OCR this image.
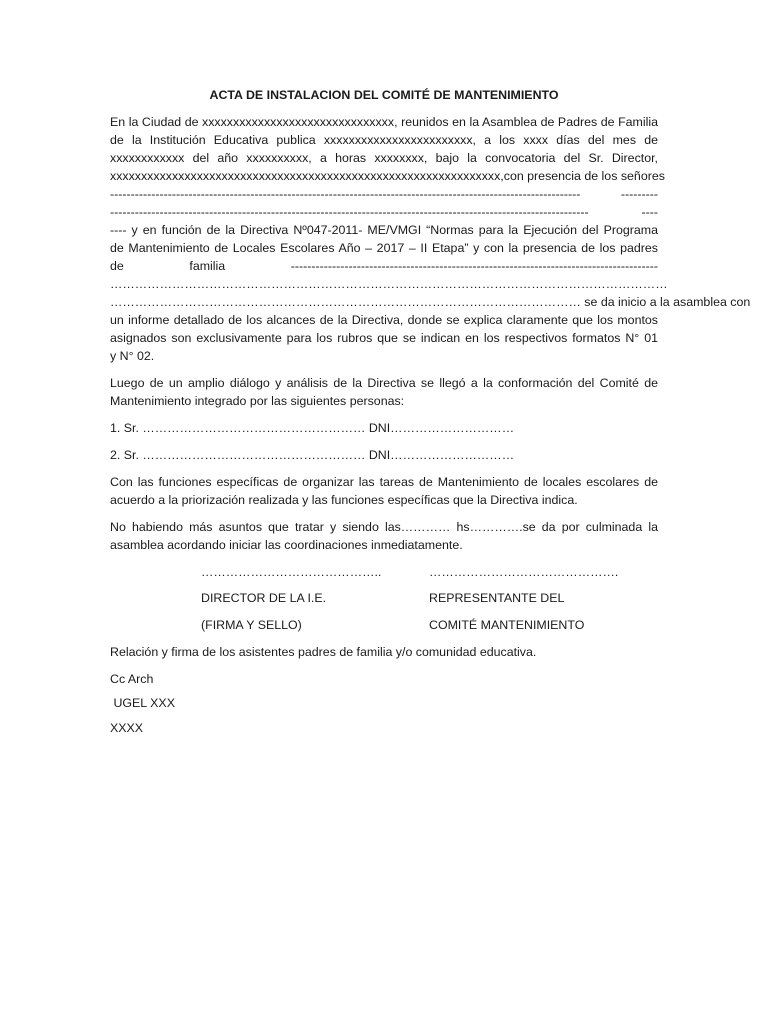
ACTA DE INSTALACION DEL COMITÉ DE MANTENIMIENTO
En la Ciudad de xxxxxxxxxxxxxxxxxxxxxxxxxxxxxxx, reunidos en la Asamblea de Padres de Familia
de la Institución Educativa publica xxxxxxxxxxxxxxxxxxxxxxxx, a los xxxx días del mes de
xxxxxxxxxxxx del año xxxxxxxxxx, a horas xxxxxxxx, bajo la convocatoria del Sr. Director,
xxxxxxxxxxxxxxxxxxxxxxxxxxxxxxxxxxxxxxxxxxxxxxxxxxxxxxxxxxxxxxx,con presencia de los señores
------------------------------------------------------------------------------------------------------------------ ---------
-------------------------------------------------------------------------------------------------------------------- ----
---- y en función de la Directiva Nº047-2011- ME/VMGI “Normas para la Ejecución del Programa
de Mantenimiento de Locales Escolares Año – 2017 – II Etapa” y con la presencia de los padres
de familia -----------------------------------------------------------------------------------------
………………………………………………………………………………………………………………………
…………………………………………………………………………………………………… se da inicio a la asamblea con
un informe detallado de los alcances de la Directiva, donde se explica claramente que los montos
asignados son exclusivamente para los rubros que se indican en los respectivos formatos N° 01
y N° 02.
Luego de un amplio diálogo y análisis de la Directiva se llegó a la conformación del Comité de
Mantenimiento integrado por las siguientes personas:
1. Sr. ……………………………………………… DNI…………………………
2. Sr. ……………………………………………… DNI…………………………
Con las funciones específicas de organizar las tareas de Mantenimiento de locales escolares de
acuerdo a la priorización realizada y las funciones específicas que la Directiva indica.
No habiendo más asuntos que tratar y siendo las………… hs………….se da por culminada la
asamblea acordando iniciar las coordinaciones inmediatamente.
……………………………………..	……………………………………….
DIRECTOR DE LA I.E.	REPRESENTANTE DEL
(FIRMA Y SELLO)	COMITÉ MANTENIMIENTO
Relación y firma de los asistentes padres de familia y/o comunidad educativa.
Cc Arch
UGEL XXX
XXXX
